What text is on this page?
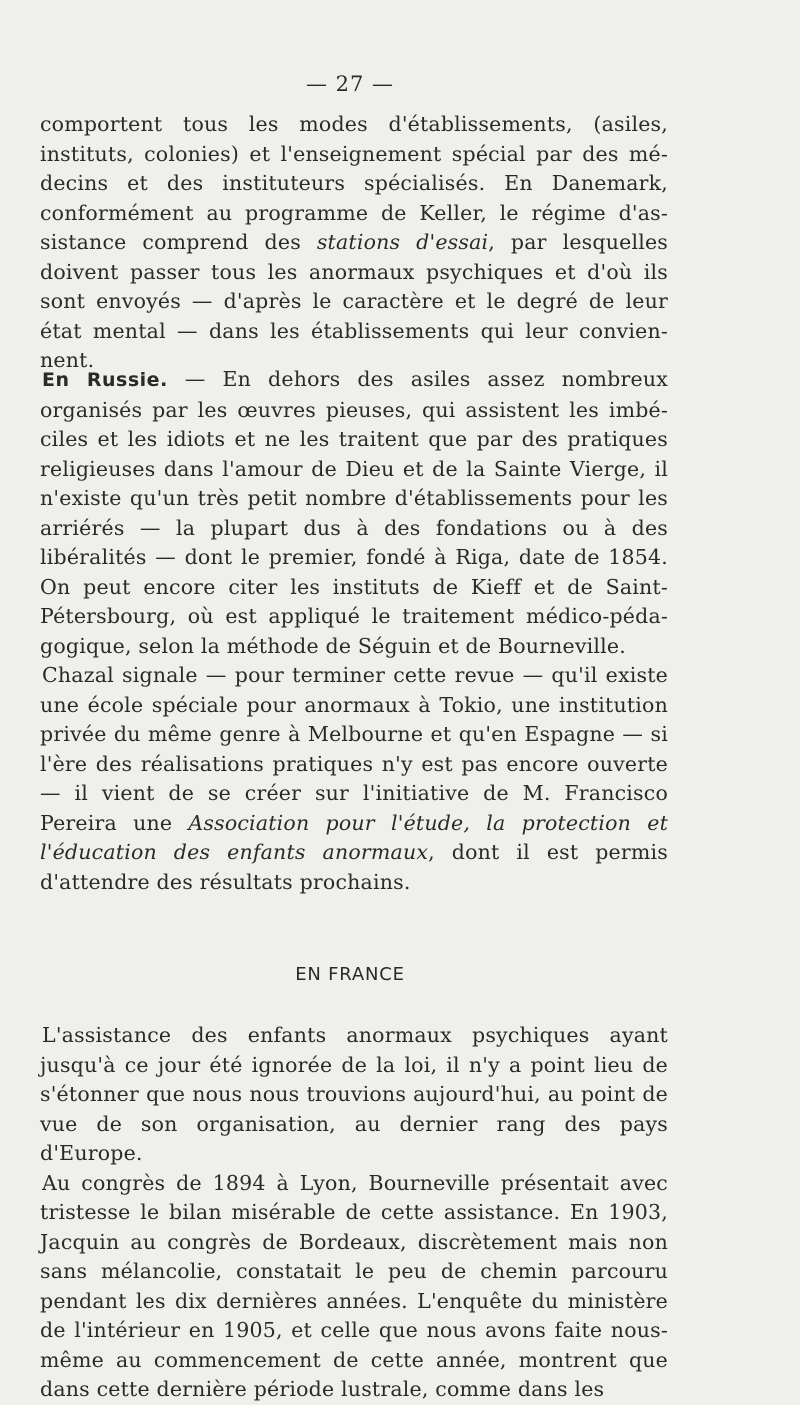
— 27 —

comportent tous les modes d'établissements, (asiles, instituts, colonies) et l'enseignement spécial par des mé-decins et des instituteurs spécialisés. En Danemark, conformément au programme de Keller, le régime d'as-sistance comprend des stations d'essai, par lesquelles doivent passer tous les anormaux psychiques et d'où ils sont envoyés — d'après le caractère et le degré de leur état mental — dans les établissements qui leur convien-nent.

En Russie. — En dehors des asiles assez nombreux organisés par les œuvres pieuses, qui assistent les imbé-ciles et les idiots et ne les traitent que par des pratiques religieuses dans l'amour de Dieu et de la Sainte Vierge, il n'existe qu'un très petit nombre d'établissements pour les arriérés — la plupart dus à des fondations ou à des libéralités — dont le premier, fondé à Riga, date de 1854. On peut encore citer les instituts de Kieff et de Saint-Pétersbourg, où est appliqué le traitement médico-péda-gogique, selon la méthode de Séguin et de Bourneville.

Chazal signale — pour terminer cette revue — qu'il existe une école spéciale pour anormaux à Tokio, une institution privée du même genre à Melbourne et qu'en Espagne — si l'ère des réalisations pratiques n'y est pas encore ouverte — il vient de se créer sur l'initiative de M. Francisco Pereira une Association pour l'étude, la protection et l'éducation des enfants anormaux, dont il est permis d'attendre des résultats prochains.

EN FRANCE

L'assistance des enfants anormaux psychiques ayant jusqu'à ce jour été ignorée de la loi, il n'y a point lieu de s'étonner que nous nous trouvions aujourd'hui, au point de vue de son organisation, au dernier rang des pays d'Europe.

Au congrès de 1894 à Lyon, Bourneville présentait avec tristesse le bilan misérable de cette assistance. En 1903, Jacquin au congrès de Bordeaux, discrètement mais non sans mélancolie, constatait le peu de chemin parcouru pendant les dix dernières années. L'enquête du ministère de l'intérieur en 1905, et celle que nous avons faite nous-même au commencement de cette année, montrent que dans cette dernière période lustrale, comme dans les
